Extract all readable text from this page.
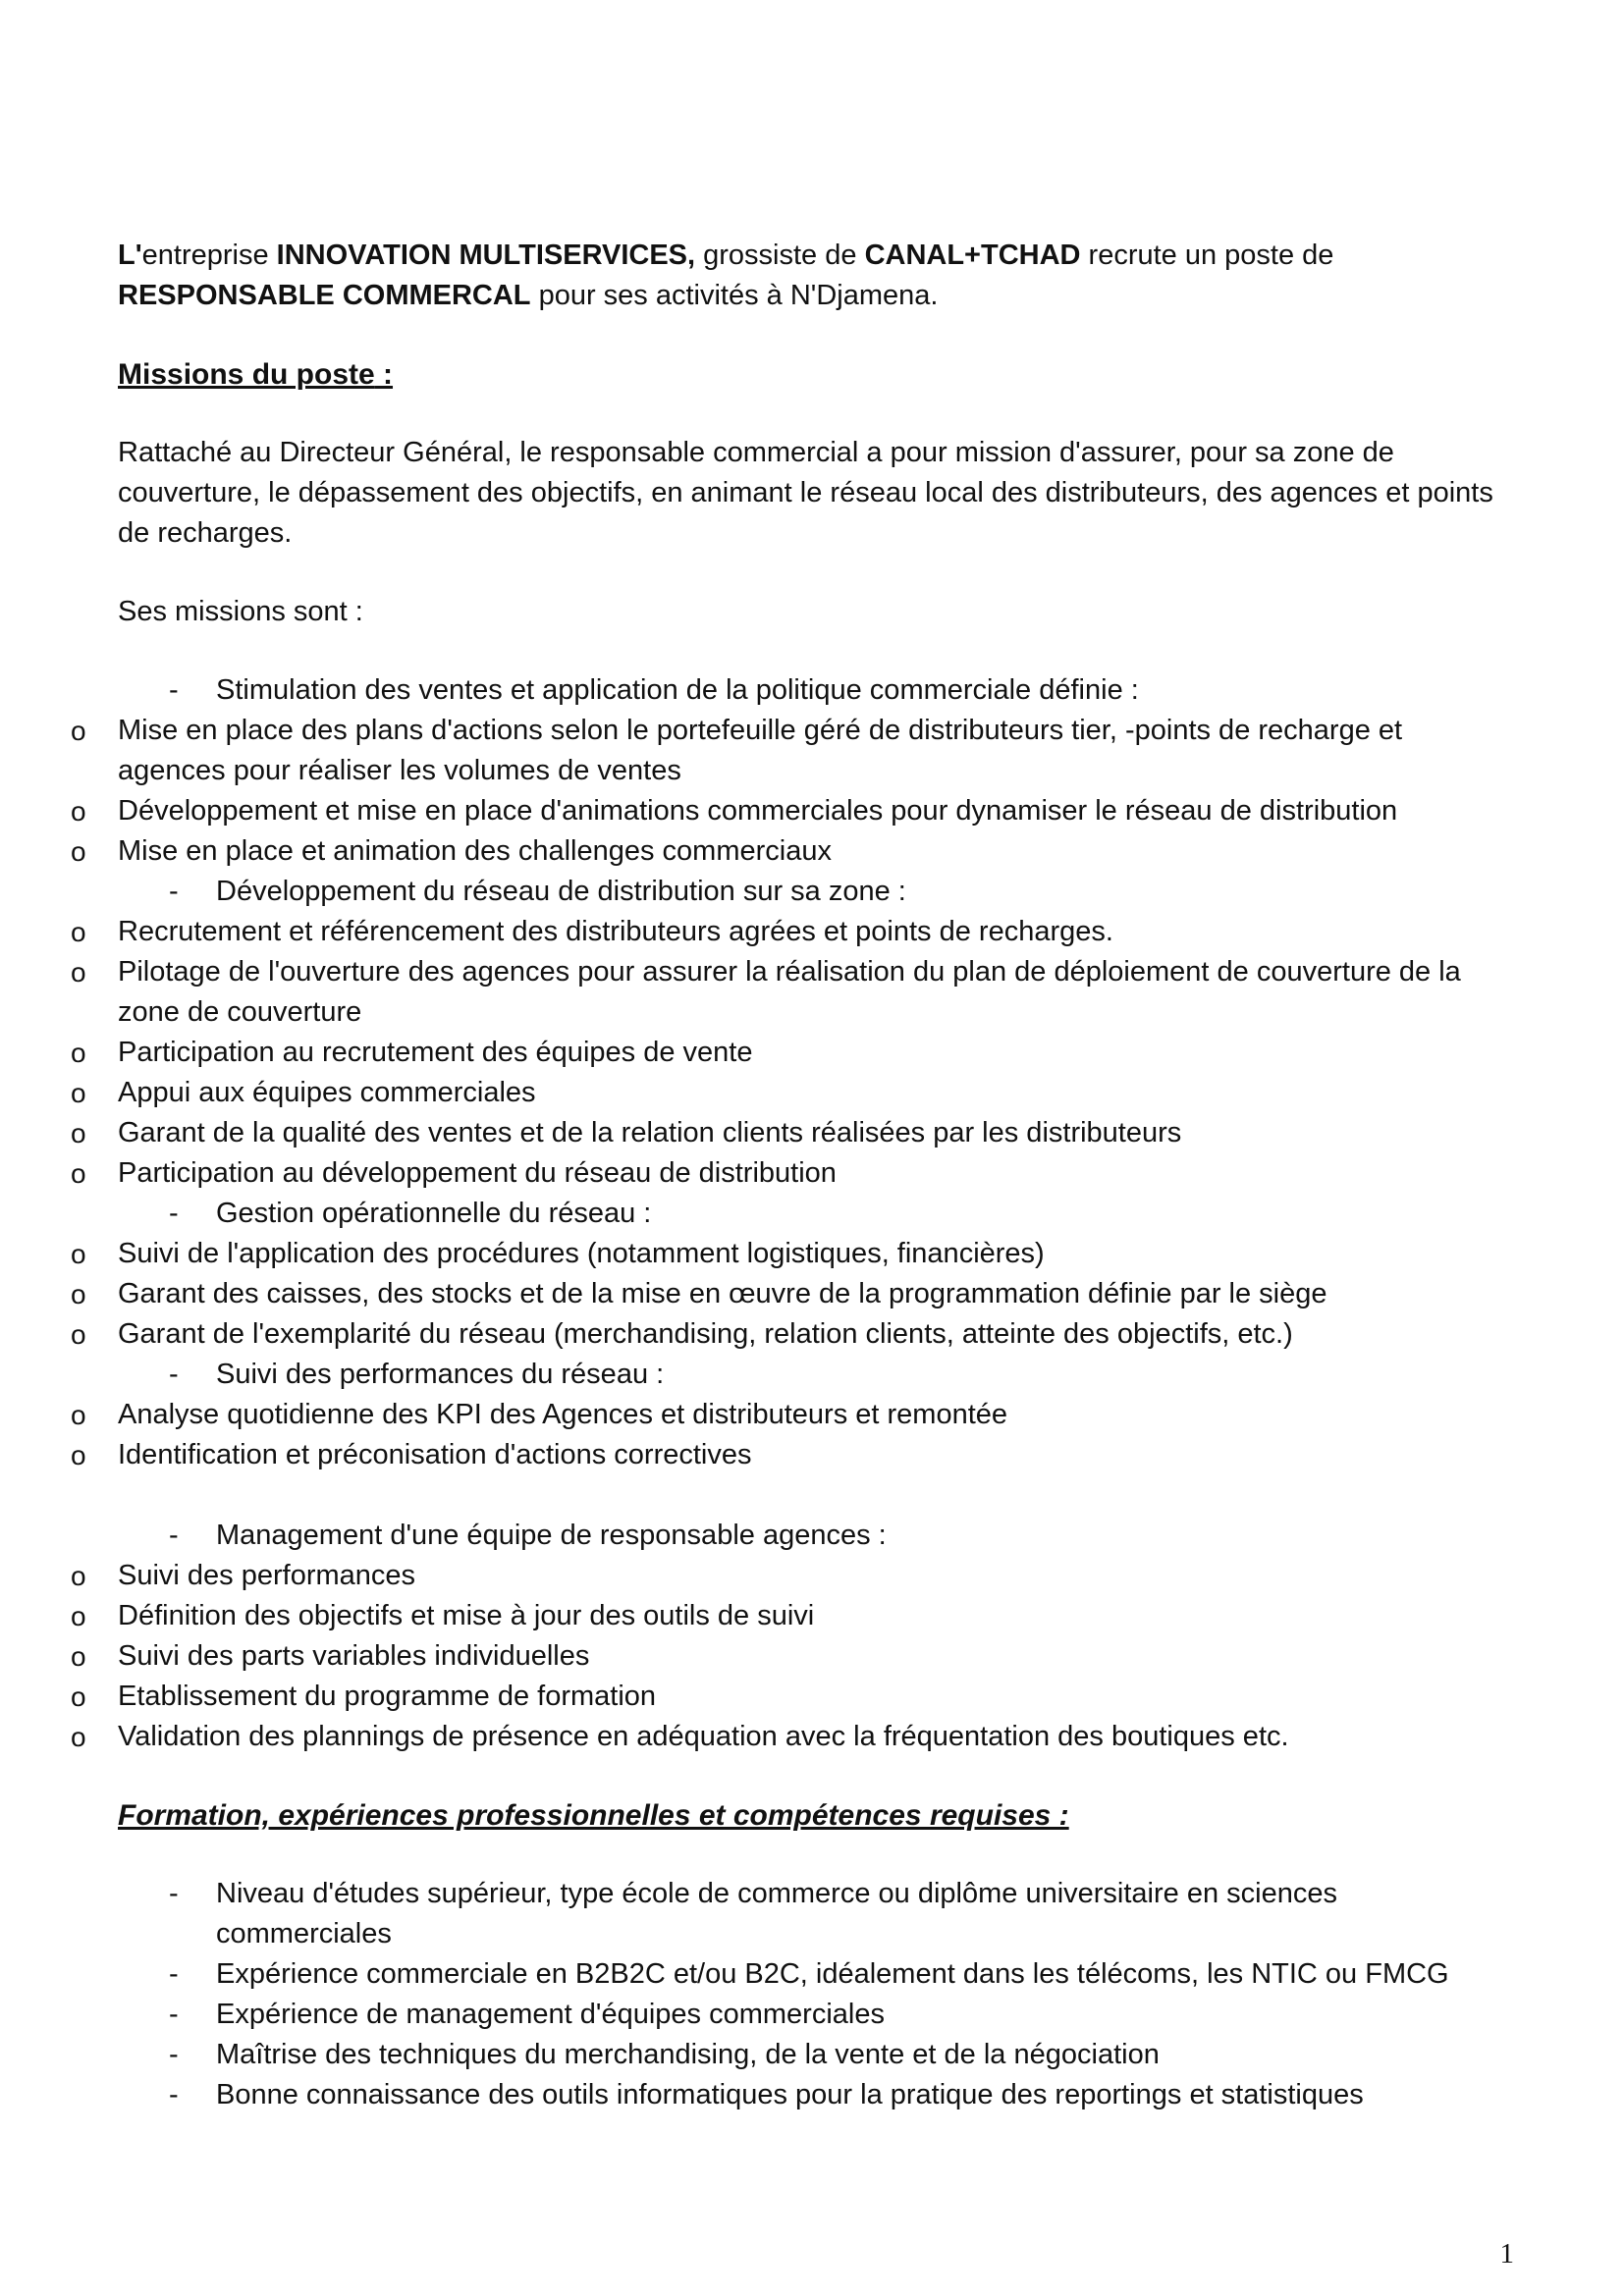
L'entreprise INNOVATION MULTISERVICES, grossiste de CANAL+TCHAD recrute un poste de RESPONSABLE COMMERCAL pour ses activités à N'Djamena.

Missions du poste :

Rattaché au Directeur Général, le responsable commercial a pour mission d'assurer, pour sa zone de couverture, le dépassement des objectifs, en animant le réseau local des distributeurs, des agences et points de recharges.

Ses missions sont :

- Stimulation des ventes et application de la politique commerciale définie :
o Mise en place des plans d'actions selon le portefeuille géré de distributeurs tier, -points de recharge et agences pour réaliser les volumes de ventes
o Développement et mise en place d'animations commerciales pour dynamiser le réseau de distribution
o Mise en place et animation des challenges commerciaux
- Développement du réseau de distribution sur sa zone :
o Recrutement et référencement des distributeurs agrées et points de recharges.
o Pilotage de l'ouverture des agences pour assurer la réalisation du plan de déploiement de couverture de la zone de couverture
o Participation au recrutement des équipes de vente
o Appui aux équipes commerciales
o Garant de la qualité des ventes et de la relation clients réalisées par les distributeurs
o Participation au développement du réseau de distribution
- Gestion opérationnelle du réseau :
o Suivi de l'application des procédures (notamment logistiques, financières)
o Garant des caisses, des stocks et de la mise en œuvre de la programmation définie par le siège
o Garant de l'exemplarité du réseau (merchandising, relation clients, atteinte des objectifs, etc.)
- Suivi des performances du réseau :
o Analyse quotidienne des KPI des Agences et distributeurs et remontée
o Identification et préconisation d'actions correctives
- Management d'une équipe de responsable agences :
o Suivi des performances
o Définition des objectifs et mise à jour des outils de suivi
o Suivi des parts variables individuelles
o Etablissement du programme de formation
o Validation des plannings de présence en adéquation avec la fréquentation des boutiques etc.

Formation, expériences professionnelles et compétences requises :

- Niveau d'études supérieur, type école de commerce ou diplôme universitaire en sciences commerciales
- Expérience commerciale en B2B2C et/ou B2C, idéalement dans les télécoms, les NTIC ou FMCG
- Expérience de management d'équipes commerciales
- Maîtrise des techniques du merchandising, de la vente et de la négociation
- Bonne connaissance des outils informatiques pour la pratique des reportings et statistiques
1
